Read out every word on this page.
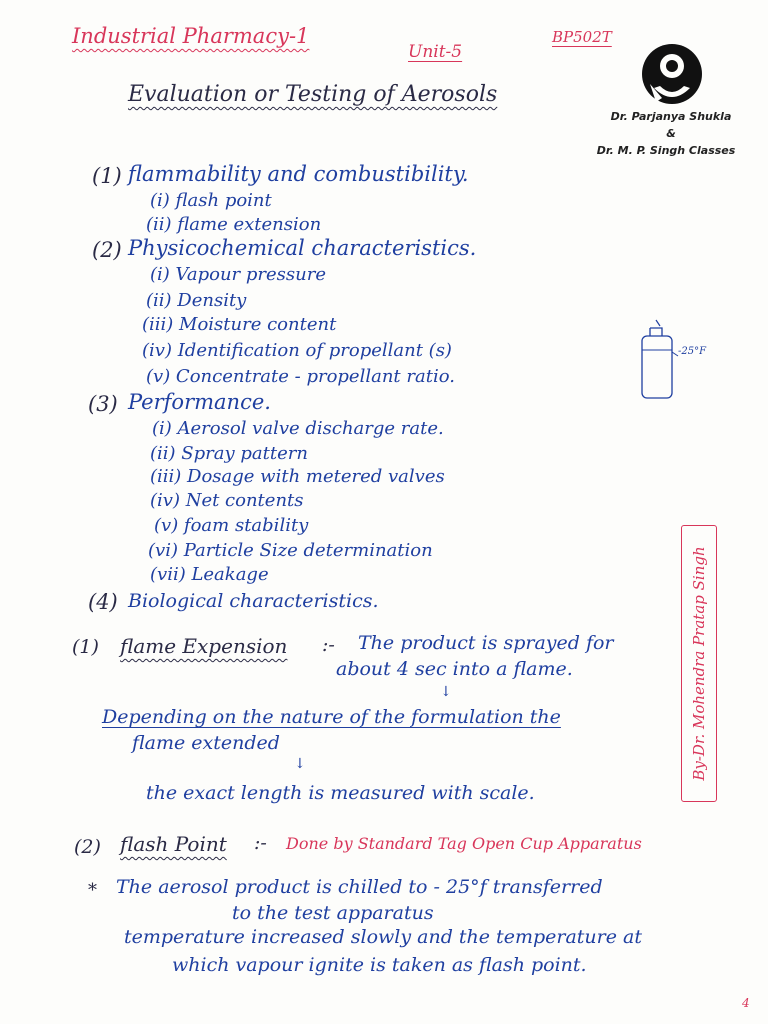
Industrial Pharmacy-1
Unit-5
BP502T
Evaluation or Testing of Aerosols
Dr. Parjanya Shukla
&
Dr. M. P. Singh Classes
(1) flammability and combustibility.
(i) flash point
(ii) flame extension
(2) Physicochemical characteristics.
(i) Vapour pressure
(ii) Density
(iii) Moisture content
(iv) Identification of propellant (s)
(v) Concentrate - propellant ratio.
-25°F
(3) Performance.
(i) Aerosol valve discharge rate.
(ii) Spray pattern
(iii) Dosage with metered valves
(iv) Net contents
(v) foam stability
(vi) Particle Size determination
(vii) Leakage
(4) Biological characteristics.	By-Dr. Mohendra Pratap Singh
(1) flame Expension :- The product is sprayed for
about 4 sec into a flame.
↓
Depending on the nature of the formulation the
flame extended
↓
the exact length is measured with scale.
(2) flash Point :- Done by Standard Tag Open Cup Apparatus
* The aerosol product is chilled to - 25°f transferred
to the test apparatus
temperature increased slowly and the temperature at
which vapour ignite is taken as flash point.
4
